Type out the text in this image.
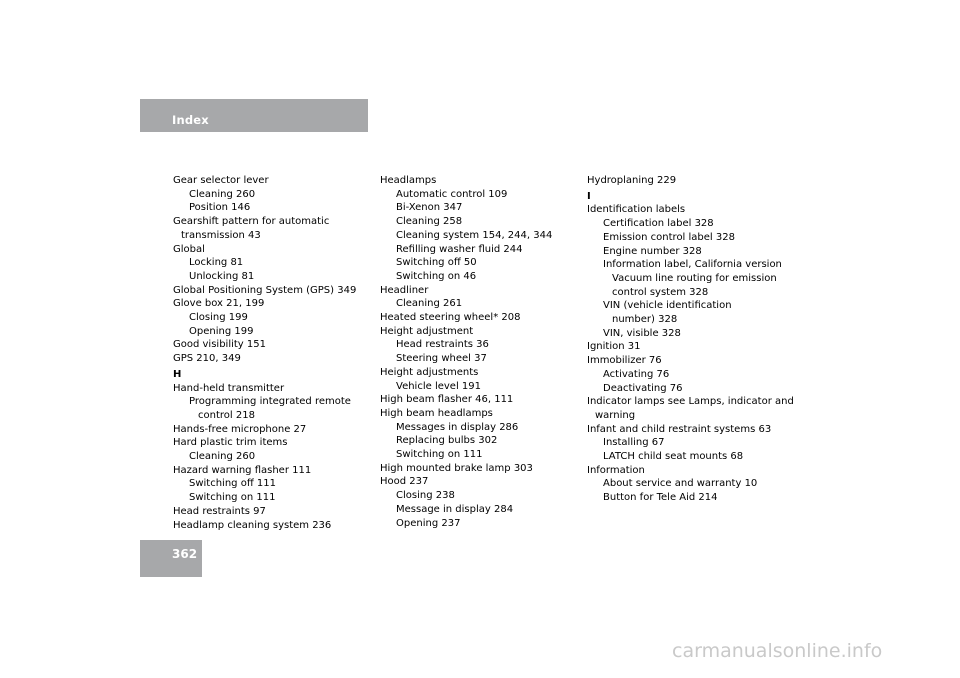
Index
Gear selector lever
Cleaning 260
Position 146
Gearshift pattern for automatic
transmission 43
Global
Locking 81
Unlocking 81
Global Positioning System (GPS) 349
Glove box 21, 199
Closing 199
Opening 199
Good visibility 151
GPS 210, 349
H
Hand-held transmitter
Programming integrated remote
control 218
Hands-free microphone 27
Hard plastic trim items
Cleaning 260
Hazard warning flasher 111
Switching off 111
Switching on 111
Head restraints 97
Headlamp cleaning system 236
Headlamps
Automatic control 109
Bi-Xenon 347
Cleaning 258
Cleaning system 154, 244, 344
Refilling washer fluid 244
Switching off 50
Switching on 46
Headliner
Cleaning 261
Heated steering wheel* 208
Height adjustment
Head restraints 36
Steering wheel 37
Height adjustments
Vehicle level 191
High beam flasher 46, 111
High beam headlamps
Messages in display 286
Replacing bulbs 302
Switching on 111
High mounted brake lamp 303
Hood 237
Closing 238
Message in display 284
Opening 237
Hydroplaning 229
I
Identification labels
Certification label 328
Emission control label 328
Engine number 328
Information label, California version
Vacuum line routing for emission
control system 328
VIN (vehicle identification
number) 328
VIN, visible 328
Ignition 31
Immobilizer 76
Activating 76
Deactivating 76
Indicator lamps see Lamps, indicator and
warning
Infant and child restraint systems 63
Installing 67
LATCH child seat mounts 68
Information
About service and warranty 10
Button for Tele Aid 214
362
carmanualsonline.info
